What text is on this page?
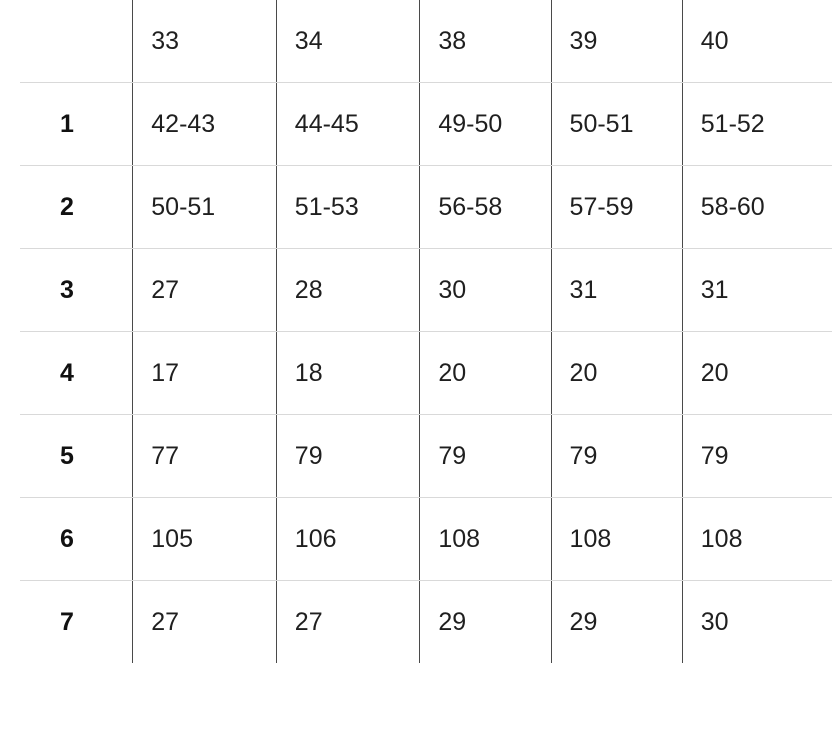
	33	34	38	39	40
1	42-43	44-45	49-50	50-51	51-52
2	50-51	51-53	56-58	57-59	58-60
3	27	28	30	31	31
4	17	18	20	20	20
5	77	79	79	79	79
6	105	106	108	108	108
7	27	27	29	29	30
